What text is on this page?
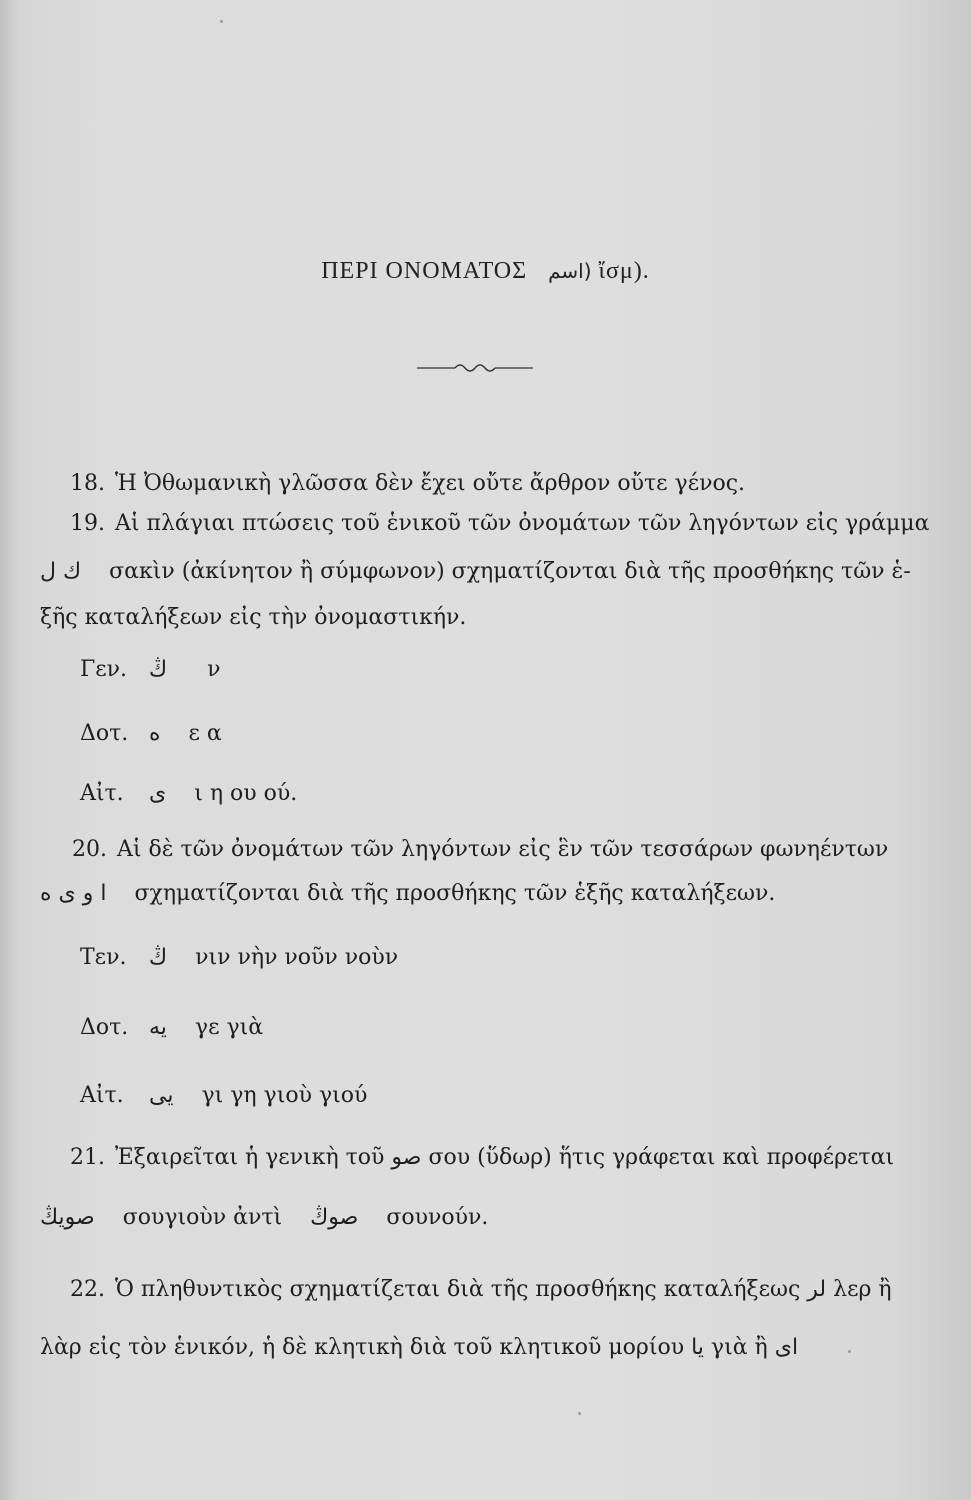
ΠΕΡΙ ΟΝΟΜΑΤΟΣ (اسم ἴσμ).
18. Ἡ Ὀθωμανικὴ γλῶσσα δὲν ἔχει οὔτε ἄρθρον οὔτε γένος.
19. Αἱ πλάγιαι πτώσεις τοῦ ἑνικοῦ τῶν ὀνομάτων τῶν ληγόντων εἰς γράμμα
ك ل σακὶν (ἀκίνητον ἢ σύμφωνον) σχηματίζονται διὰ τῆς προσθήκης τῶν ἑ-
ξῆς καταλήξεων εἰς τὴν ὀνομαστικήν.
Γεν. ڭ ν
Δοτ. ه ε α
Αἰτ. ى ι η ου ού.
20. Αἱ δὲ τῶν ὀνομάτων τῶν ληγόντων εἰς ἓν τῶν τεσσάρων φωνηέντων
ا و ى ه σχηματίζονται διὰ τῆς προσθήκης τῶν ἑξῆς καταλήξεων.
Τεν. ڭ νιν νὴν νοῦν νοὺν
Δοτ. يه γε γιὰ
Αἰτ. يى γι γη γιοὺ γιού
21. Ἐξαιρεῖται ἡ γενικὴ τοῦ صو σου (ὕδωρ) ἥτις γράφεται καὶ προφέρεται
صويڭ σουγιοὺν ἀντὶ صوڭ σουνούν.
22. Ὁ πληθυντικὸς σχηματίζεται διὰ τῆς προσθήκης καταλήξεως لر λερ ἢ
λὰρ εἰς τὸν ἑνικόν, ἡ δὲ κλητικὴ διὰ τοῦ κλητικοῦ μορίου يا γιὰ ἢ ای
